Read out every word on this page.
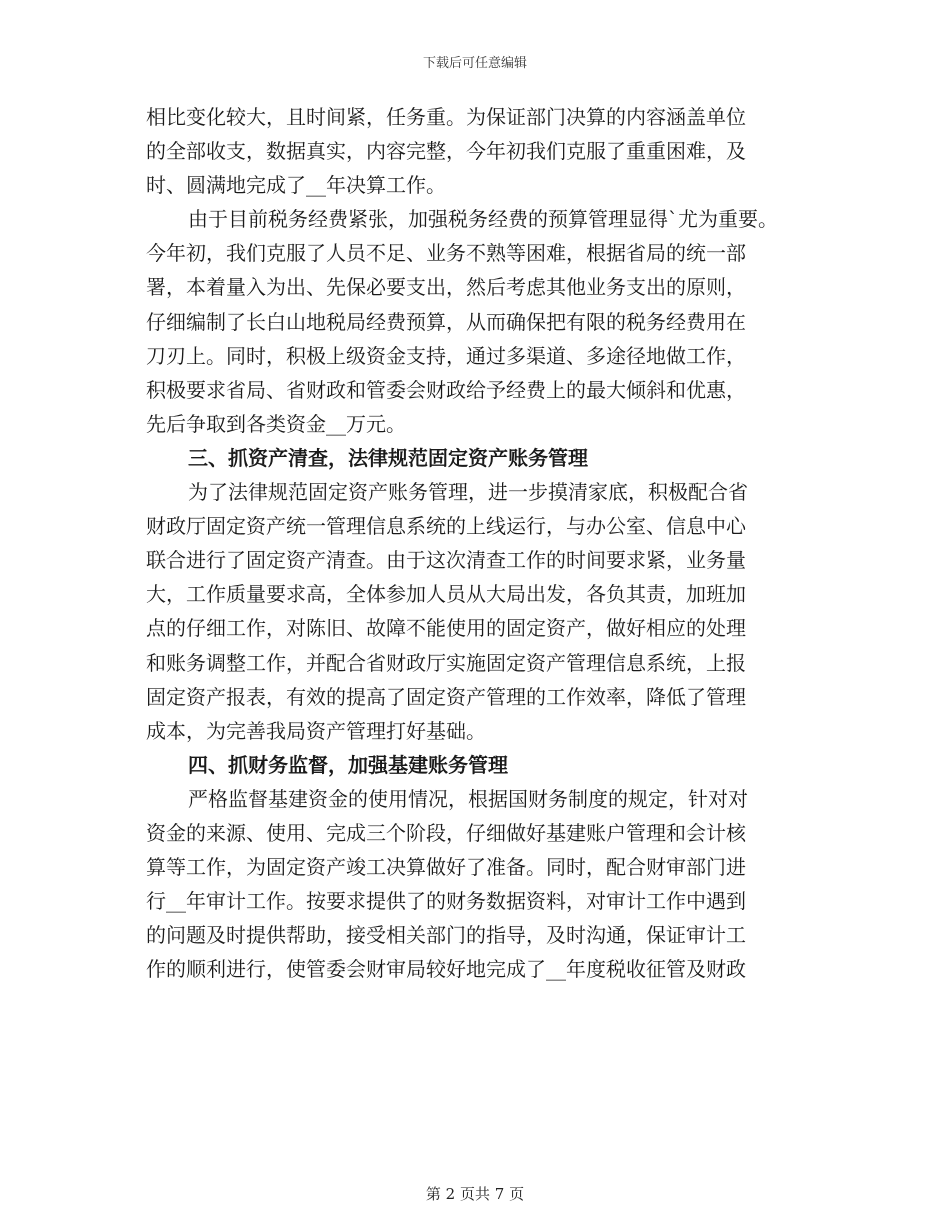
下载后可任意编辑
相比变化较大，且时间紧，任务重。为保证部门决算的内容涵盖单位
的全部收支，数据真实，内容完整，今年初我们克服了重重困难，及
时、圆满地完成了__年决算工作。
由于目前税务经费紧张，加强税务经费的预算管理显得`尤为重要。
今年初，我们克服了人员不足、业务不熟等困难，根据省局的统一部
署，本着量入为出、先保必要支出，然后考虑其他业务支出的原则，
仔细编制了长白山地税局经费预算，从而确保把有限的税务经费用在
刀刃上。同时，积极上级资金支持，通过多渠道、多途径地做工作，
积极要求省局、省财政和管委会财政给予经费上的最大倾斜和优惠，
先后争取到各类资金__万元。
三、抓资产清查，法律规范固定资产账务管理
为了法律规范固定资产账务管理，进一步摸清家底，积极配合省
财政厅固定资产统一管理信息系统的上线运行，与办公室、信息中心
联合进行了固定资产清查。由于这次清查工作的时间要求紧，业务量
大，工作质量要求高，全体参加人员从大局出发，各负其责，加班加
点的仔细工作，对陈旧、故障不能使用的固定资产，做好相应的处理
和账务调整工作，并配合省财政厅实施固定资产管理信息系统，上报
固定资产报表，有效的提高了固定资产管理的工作效率，降低了管理
成本，为完善我局资产管理打好基础。
四、抓财务监督，加强基建账务管理
严格监督基建资金的使用情况，根据国财务制度的规定，针对对
资金的来源、使用、完成三个阶段，仔细做好基建账户管理和会计核
算等工作，为固定资产竣工决算做好了准备。同时，配合财审部门进
行__年审计工作。按要求提供了的财务数据资料，对审计工作中遇到
的问题及时提供帮助，接受相关部门的指导，及时沟通，保证审计工
作的顺利进行，使管委会财审局较好地完成了__年度税收征管及财政
第 2 页共 7 页
